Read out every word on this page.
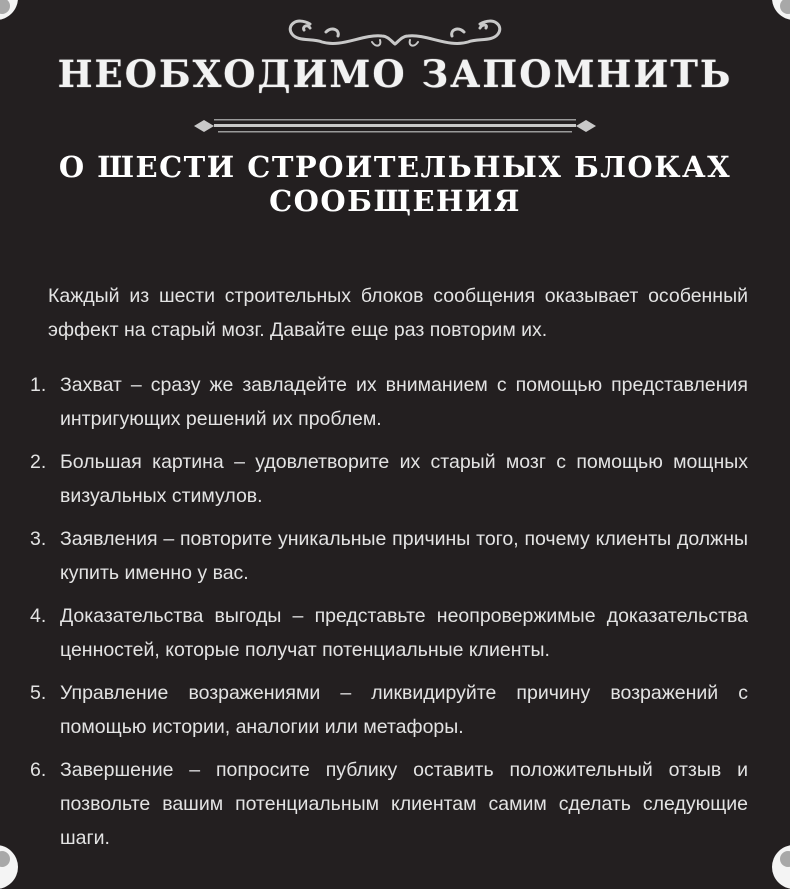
НЕОБХОДИМО ЗАПОМНИТЬ
О ШЕСТИ СТРОИТЕЛЬНЫХ БЛОКАХ СООБЩЕНИЯ

Каждый из шести строительных блоков сообщения оказывает особенный эффект на старый мозг. Давайте еще раз повторим их.

1. Захват – сразу же завладейте их вниманием с помощью представления интригующих решений их проблем.
2. Большая картина – удовлетворите их старый мозг с помощью мощных визуальных стимулов.
3. Заявления – повторите уникальные причины того, почему клиенты должны купить именно у вас.
4. Доказательства выгоды – представьте неопровержимые доказательства ценностей, которые получат потенциальные клиенты.
5. Управление возражениями – ликвидируйте причину возражений с помощью истории, аналогии или метафоры.
6. Завершение – попросите публику оставить положительный отзыв и позвольте вашим потенциальным клиентам самим сделать следующие шаги.
